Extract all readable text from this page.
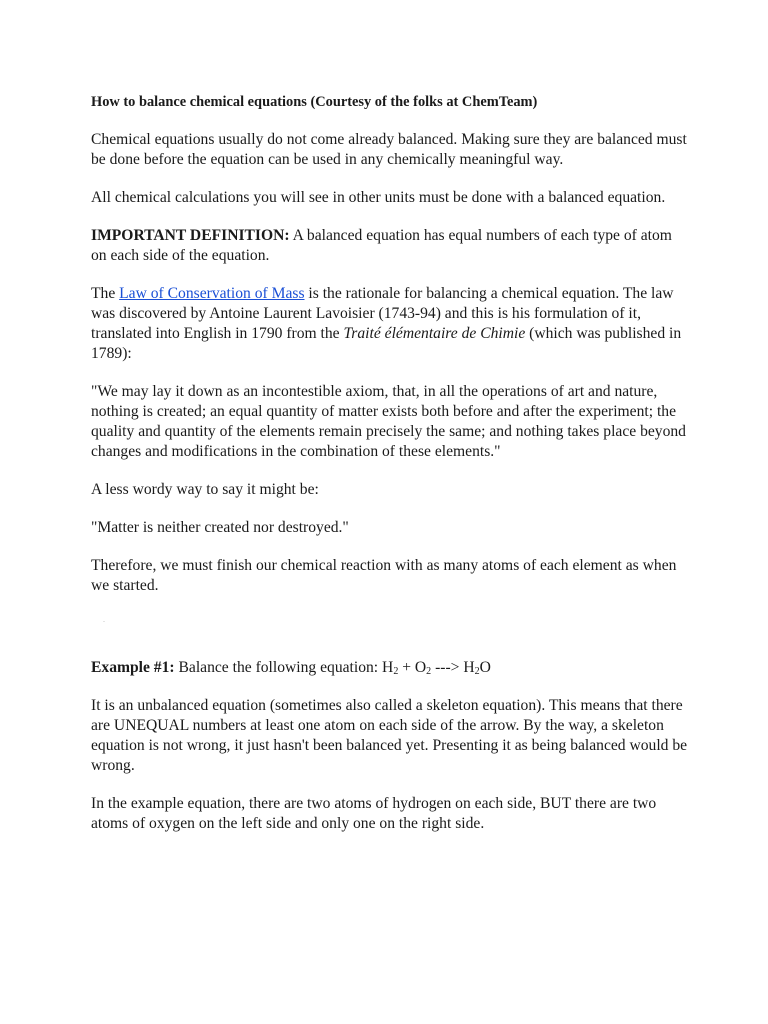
How to balance chemical equations (Courtesy of the folks at ChemTeam)

Chemical equations usually do not come already balanced. Making sure they are balanced must be done before the equation can be used in any chemically meaningful way.

All chemical calculations you will see in other units must be done with a balanced equation.

IMPORTANT DEFINITION: A balanced equation has equal numbers of each type of atom on each side of the equation.

The Law of Conservation of Mass is the rationale for balancing a chemical equation. The law was discovered by Antoine Laurent Lavoisier (1743-94) and this is his formulation of it, translated into English in 1790 from the Traité élémentaire de Chimie (which was published in 1789):

"We may lay it down as an incontestible axiom, that, in all the operations of art and nature, nothing is created; an equal quantity of matter exists both before and after the experiment; the quality and quantity of the elements remain precisely the same; and nothing takes place beyond changes and modifications in the combination of these elements."

A less wordy way to say it might be:

"Matter is neither created nor destroyed."

Therefore, we must finish our chemical reaction with as many atoms of each element as when we started.

.

Example #1: Balance the following equation: $H_2 + O_2$ ---> $H_2O$

It is an unbalanced equation (sometimes also called a skeleton equation). This means that there are UNEQUAL numbers at least one atom on each side of the arrow. By the way, a skeleton equation is not wrong, it just hasn't been balanced yet. Presenting it as being balanced would be wrong.

In the example equation, there are two atoms of hydrogen on each side, BUT there are two atoms of oxygen on the left side and only one on the right side.
